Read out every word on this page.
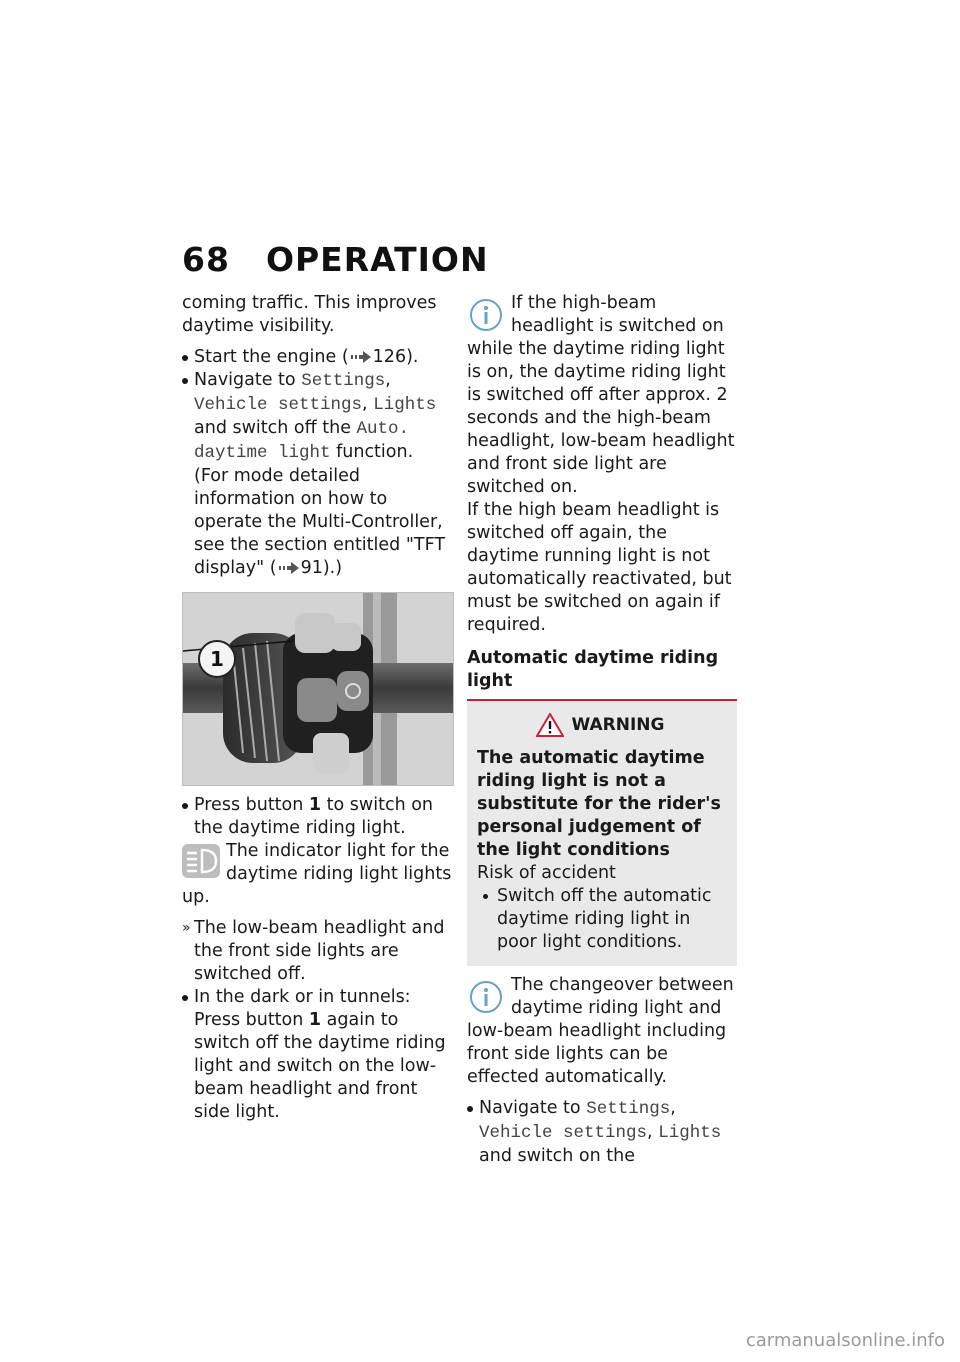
68 OPERATION

coming traffic. This improves daytime visibility.

Start the engine ( 126).

Navigate to Settings, Vehicle settings, Lights and switch off the Auto. daytime light function. (For mode detailed information on how to operate the Multi-Controller, see the section entitled "TFT display" ( 91).)

1

Press button 1 to switch on the daytime riding light.

The indicator light for the daytime riding light lights up.

» The low-beam headlight and the front side lights are switched off.

In the dark or in tunnels: Press button 1 again to switch off the daytime riding light and switch on the low-beam headlight and front side light.

If the high-beam headlight is switched on while the daytime riding light is on, the daytime riding light is switched off after approx. 2 seconds and the high-beam headlight, low-beam headlight and front side light are switched on.

If the high beam headlight is switched off again, the daytime running light is not automatically reactivated, but must be switched on again if required.

Automatic daytime riding light

WARNING

The automatic daytime riding light is not a substitute for the rider's personal judgement of the light conditions

Risk of accident

Switch off the automatic daytime riding light in poor light conditions.

The changeover between daytime riding light and low-beam headlight including front side lights can be effected automatically.

Navigate to Settings, Vehicle settings, Lights and switch on the

carmanualsonline.info
